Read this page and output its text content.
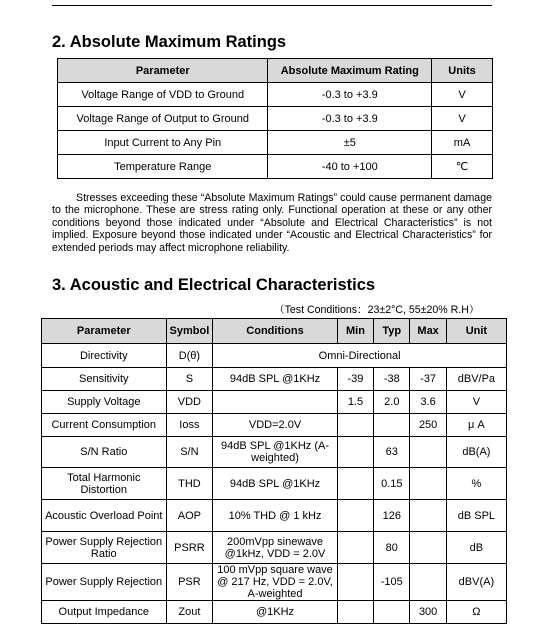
2. Absolute Maximum Ratings
Parameter	Absolute Maximum Rating	Units
Voltage Range of VDD to Ground	-0.3 to +3.9	V
Voltage Range of Output to Ground	-0.3 to +3.9	V
Input Current to Any Pin	±5	mA
Temperature Range	-40 to +100	℃

Stresses exceeding these “Absolute Maximum Ratings” could cause permanent damage to the microphone. These are stress rating only. Functional operation at these or any other conditions beyond those indicated under “Absolute and Electrical Characteristics” is not implied. Exposure beyond those indicated under “Acoustic and Electrical Characteristics” for extended periods may affect microphone reliability.

3. Acoustic and Electrical Characteristics
（Test Conditions：23±2°C, 55±20% R.H）
Parameter	Symbol	Conditions	Min	Typ	Max	Unit
Directivity	D(θ)	Omni-Directional				
Sensitivity	S	94dB SPL @1KHz	-39	-38	-37	dBV/Pa
Supply Voltage	VDD		1.5	2.0	3.6	V
Current Consumption	Ioss	VDD=2.0V			250	μ A
S/N Ratio	S/N	94dB SPL @1KHz (A-weighted)		63		dB(A)
Total Harmonic Distortion	THD	94dB SPL @1KHz		0.15		%
Acoustic Overload Point	AOP	10% THD @ 1 kHz		126		dB SPL
Power Supply Rejection Ratio	PSRR	200mVpp sinewave @1kHz, VDD = 2.0V		80		dB
Power Supply Rejection	PSR	100 mVpp square wave @ 217 Hz, VDD = 2.0V, A-weighted		-105		dBV(A)
Output Impedance	Zout	@1KHz			300	Ω
